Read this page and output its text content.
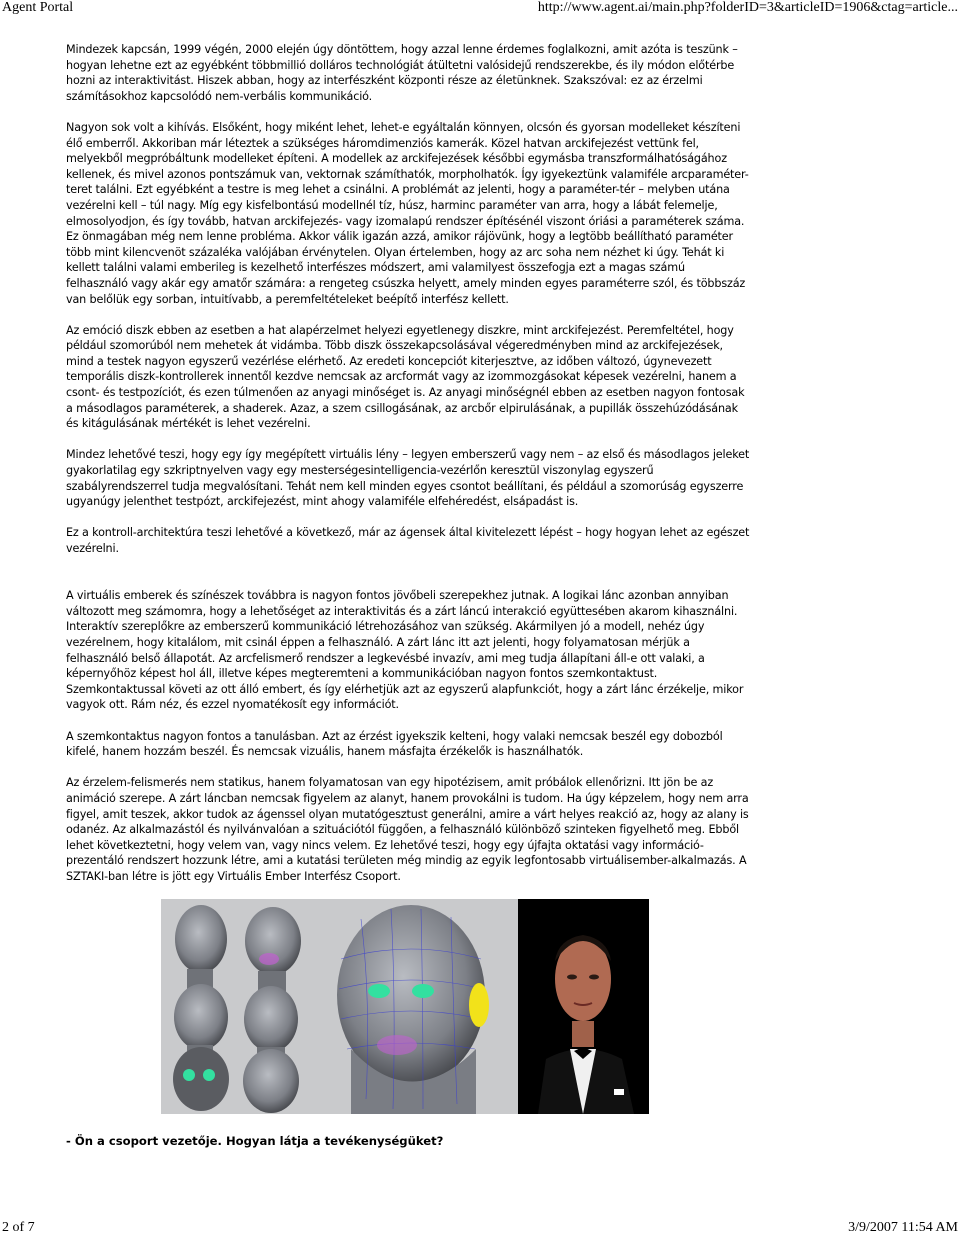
Agent Portal	http://www.agent.ai/main.php?folderID=3&articleID=1906&ctag=article...

Mindezek kapcsán, 1999 végén, 2000 elején úgy döntöttem, hogy azzal lenne érdemes foglalkozni, amit azóta is teszünk – hogyan lehetne ezt az egyébként többmillió dolláros technológiát átültetni valósidejű rendszerekbe, és ily módon előtérbe hozni az interaktivitást. Hiszek abban, hogy az interfészként központi része az életünknek. Szakszóval: ez az érzelmi számításokhoz kapcsolódó nem-verbális kommunikáció.

Nagyon sok volt a kihívás. Elsőként, hogy miként lehet, lehet-e egyáltalán könnyen, olcsón és gyorsan modelleket készíteni élő emberről. Akkoriban már léteztek a szükséges háromdimenziós kamerák. Közel hatvan arckifejezést vettünk fel, melyekből megpróbáltunk modelleket építeni. A modellek az arckifejezések későbbi egymásba transzformálhatóságához kellenek, és mivel azonos pontszámuk van, vektornak számíthatók, morpholhatók. Így igyekeztünk valamiféle arcparaméter-teret találni. Ezt egyébként a testre is meg lehet a csinálni. A problémát az jelenti, hogy a paraméter-tér – melyben utána vezérelni kell – túl nagy. Míg egy kisfelbontású modellnél tíz, húsz, harminc paraméter van arra, hogy a lábát felemelje, elmosolyodjon, és így tovább, hatvan arckifejezés- vagy izomalapú rendszer építésénél viszont óriási a paraméterek száma. Ez önmagában még nem lenne probléma. Akkor válik igazán azzá, amikor rájövünk, hogy a legtöbb beállítható paraméter több mint kilencvenöt százaléka valójában érvénytelen. Olyan értelemben, hogy az arc soha nem nézhet ki úgy. Tehát ki kellett találni valami emberileg is kezelhető interfészes módszert, ami valamilyest összefogja ezt a magas számú felhasználó vagy akár egy amatőr számára: a rengeteg csúszka helyett, amely minden egyes paraméterre szól, és többszáz van belőlük egy sorban, intuitívabb, a peremfeltételeket beépítő interfész kellett.

Az emóció diszk ebben az esetben a hat alapérzelmet helyezi egyetlenegy diszkre, mint arckifejezést. Peremfeltétel, hogy például szomorúból nem mehetek át vidámba. Több diszk összekapcsolásával végeredményben mind az arckifejezések, mind a testek nagyon egyszerű vezérlése elérhető. Az eredeti koncepciót kiterjesztve, az időben változó, úgynevezett temporális diszk-kontrollerek innentől kezdve nemcsak az arcformát vagy az izommozgásokat képesek vezérelni, hanem a csont- és testpozíciót, és ezen túlmenően az anyagi minőséget is. Az anyagi minőségnél ebben az esetben nagyon fontosak a másodlagos paraméterek, a shaderek. Azaz, a szem csillogásának, az arcbőr elpirulásának, a pupillák összehúzódásának és kitágulásának mértékét is lehet vezérelni.

Mindez lehetővé teszi, hogy egy így megépített virtuális lény – legyen emberszerű vagy nem – az első és másodlagos jeleket gyakorlatilag egy szkriptnyelven vagy egy mesterségesintelligencia-vezérlőn keresztül viszonylag egyszerű szabályrendszerrel tudja megvalósítani. Tehát nem kell minden egyes csontot beállítani, és például a szomorúság egyszerre ugyanúgy jelenthet testpózt, arckifejezést, mint ahogy valamiféle elfehéredést, elsápadást is.

Ez a kontroll-architektúra teszi lehetővé a következő, már az ágensek által kivitelezett lépést – hogy hogyan lehet az egészet vezérelni.

A virtuális emberek és színészek továbbra is nagyon fontos jövőbeli szerepekhez jutnak. A logikai lánc azonban annyiban változott meg számomra, hogy a lehetőséget az interaktivitás és a zárt láncú interakció együttesében akarom kihasználni. Interaktív szereplőkre az emberszerű kommunikáció létrehozásához van szükség. Akármilyen jó a modell, nehéz úgy vezérelnem, hogy kitalálom, mit csinál éppen a felhasználó. A zárt lánc itt azt jelenti, hogy folyamatosan mérjük a felhasználó belső állapotát. Az arcfelismerő rendszer a legkevésbé invazív, ami meg tudja állapítani áll-e ott valaki, a képernyőhöz képest hol áll, illetve képes megteremteni a kommunikációban nagyon fontos szemkontaktust. Szemkontaktussal követi az ott álló embert, és így elérhetjük azt az egyszerű alapfunkciót, hogy a zárt lánc érzékelje, mikor vagyok ott. Rám néz, és ezzel nyomatékosít egy információt.

A szemkontaktus nagyon fontos a tanulásban. Azt az érzést igyekszik kelteni, hogy valaki nemcsak beszél egy dobozból kifelé, hanem hozzám beszél. És nemcsak vizuális, hanem másfajta érzékelők is használhatók.

Az érzelem-felismerés nem statikus, hanem folyamatosan van egy hipotézisem, amit próbálok ellenőrizni. Itt jön be az animáció szerepe. A zárt láncban nemcsak figyelem az alanyt, hanem provokálni is tudom. Ha úgy képzelem, hogy nem arra figyel, amit teszek, akkor tudok az ágenssel olyan mutatógesztust generálni, amire a várt helyes reakció az, hogy az alany is odanéz. Az alkalmazástól és nyilvánvalóan a szituációtól függően, a felhasználó különböző szinteken figyelhető meg. Ebből lehet következtetni, hogy velem van, vagy nincs velem. Ez lehetővé teszi, hogy egy újfajta oktatási vagy információ-prezentáló rendszert hozzunk létre, ami a kutatási területen még mindig az egyik legfontosabb virtuálisember-alkalmazás. A SZTAKI-ban létre is jött egy Virtuális Ember Interfész Csoport.

- Ön a csoport vezetője. Hogyan látja a tevékenységüket?
2 of 7	3/9/2007 11:54 AM
